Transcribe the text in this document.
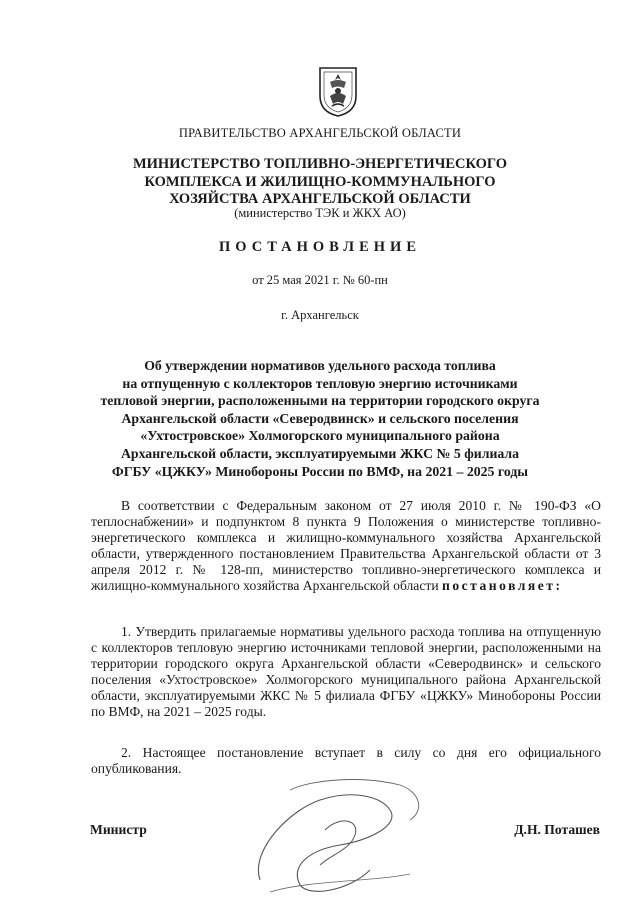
ПРАВИТЕЛЬСТВО АРХАНГЕЛЬСКОЙ ОБЛАСТИ
МИНИСТЕРСТВО ТОПЛИВНО-ЭНЕРГЕТИЧЕСКОГО
КОМПЛЕКСА И ЖИЛИЩНО-КОММУНАЛЬНОГО
ХОЗЯЙСТВА АРХАНГЕЛЬСКОЙ ОБЛАСТИ
(министерство ТЭК и ЖКХ АО)
ПОСТАНОВЛЕНИЕ
от 25 мая 2021 г. № 60-пн
г. Архангельск
Об утверждении нормативов удельного расхода топлива
на отпущенную с коллекторов тепловую энергию источниками
тепловой энергии, расположенными на территории городского округа
Архангельской области «Северодвинск» и сельского поселения
«Ухтостровское» Холмогорского муниципального района
Архангельской области, эксплуатируемыми ЖКС № 5 филиала
ФГБУ «ЦЖКУ» Минобороны России по ВМФ, на 2021 – 2025 годы
В соответствии с Федеральным законом от 27 июля 2010 г. № 190-ФЗ «О теплоснабжении» и подпунктом 8 пункта 9 Положения о министерстве топливно-энергетического комплекса и жилищно-коммунального хозяйства Архангельской области, утвержденного постановлением Правительства Архангельской области от 3 апреля 2012 г. № 128-пп, министерство топливно-энергетического комплекса и жилищно-коммунального хозяйства Архангельской области постановляет:
1. Утвердить прилагаемые нормативы удельного расхода топлива на отпущенную с коллекторов тепловую энергию источниками тепловой энергии, расположенными на территории городского округа Архангельской области «Северодвинск» и сельского поселения «Ухтостровское» Холмогорского муниципального района Архангельской области, эксплуатируемыми ЖКС № 5 филиала ФГБУ «ЦЖКУ» Минобороны России по ВМФ, на 2021 – 2025 годы.
2. Настоящее постановление вступает в силу со дня его официального опубликования.
Министр	Д.Н. Поташев
